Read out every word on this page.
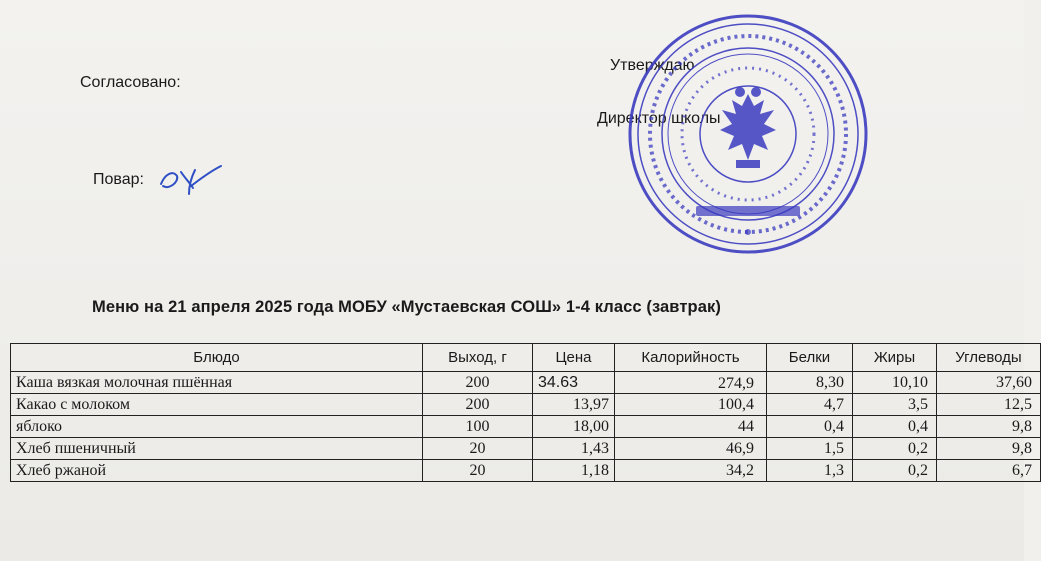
Согласовано:
Повар:
Утверждаю
Директор школы
Меню на 21 апреля 2025 года МОБУ «Мустаевская СОШ» 1-4 класс (завтрак)
Блюдо	Выход, г	Цена	Калорийность	Белки	Жиры	Углеводы
Каша вязкая молочная пшённая	200	34.63	274,9	8,30	10,10	37,60
Какао с молоком	200	13,97	100,4	4,7	3,5	12,5
яблоко	100	18,00	44	0,4	0,4	9,8
Хлеб пшеничный	20	1,43	46,9	1,5	0,2	9,8
Хлеб ржаной	20	1,18	34,2	1,3	0,2	6,7
